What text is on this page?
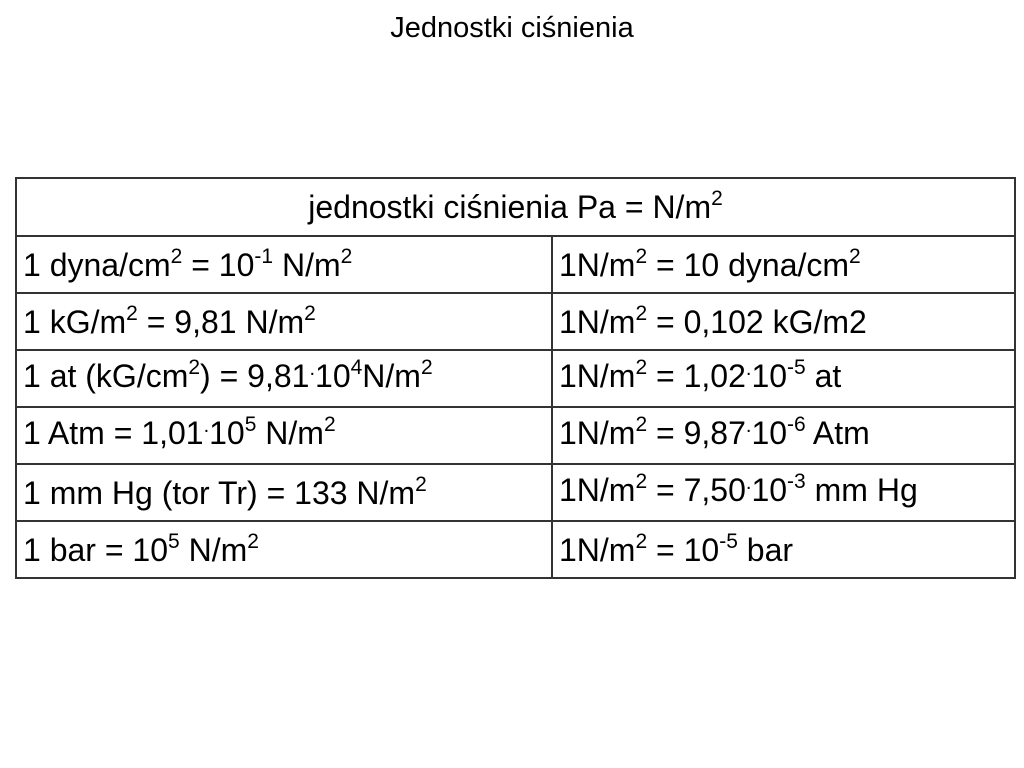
Jednostki ciśnienia
jednostki ciśnienia $Pa = N/m^2$
1 dyna/$cm^2 = 10^{-1}$ $N/m^2$	$1N/m^2 = 10$ dyna/$cm^2$
1 $kG/m^2 = 9,81$ $N/m^2$	$1N/m^2 = 0,102$ kG/m2
1 at $(kG/cm^2) = 9,81^.10^4N/m^2$	$1N/m^2 = 1,02^.10^{-5}$ at
1 Atm = $1,01^.10^5$ $N/m^2$	$1N/m^2 = 9,87^.10^{-6}$ Atm
1 mm Hg (tor Tr) = 133 $N/m^2$	$1N/m^2 = 7,50^.10^{-3}$ mm Hg
1 bar = $10^5$ $N/m^2$	$1N/m^2 = 10^{-5}$ bar
